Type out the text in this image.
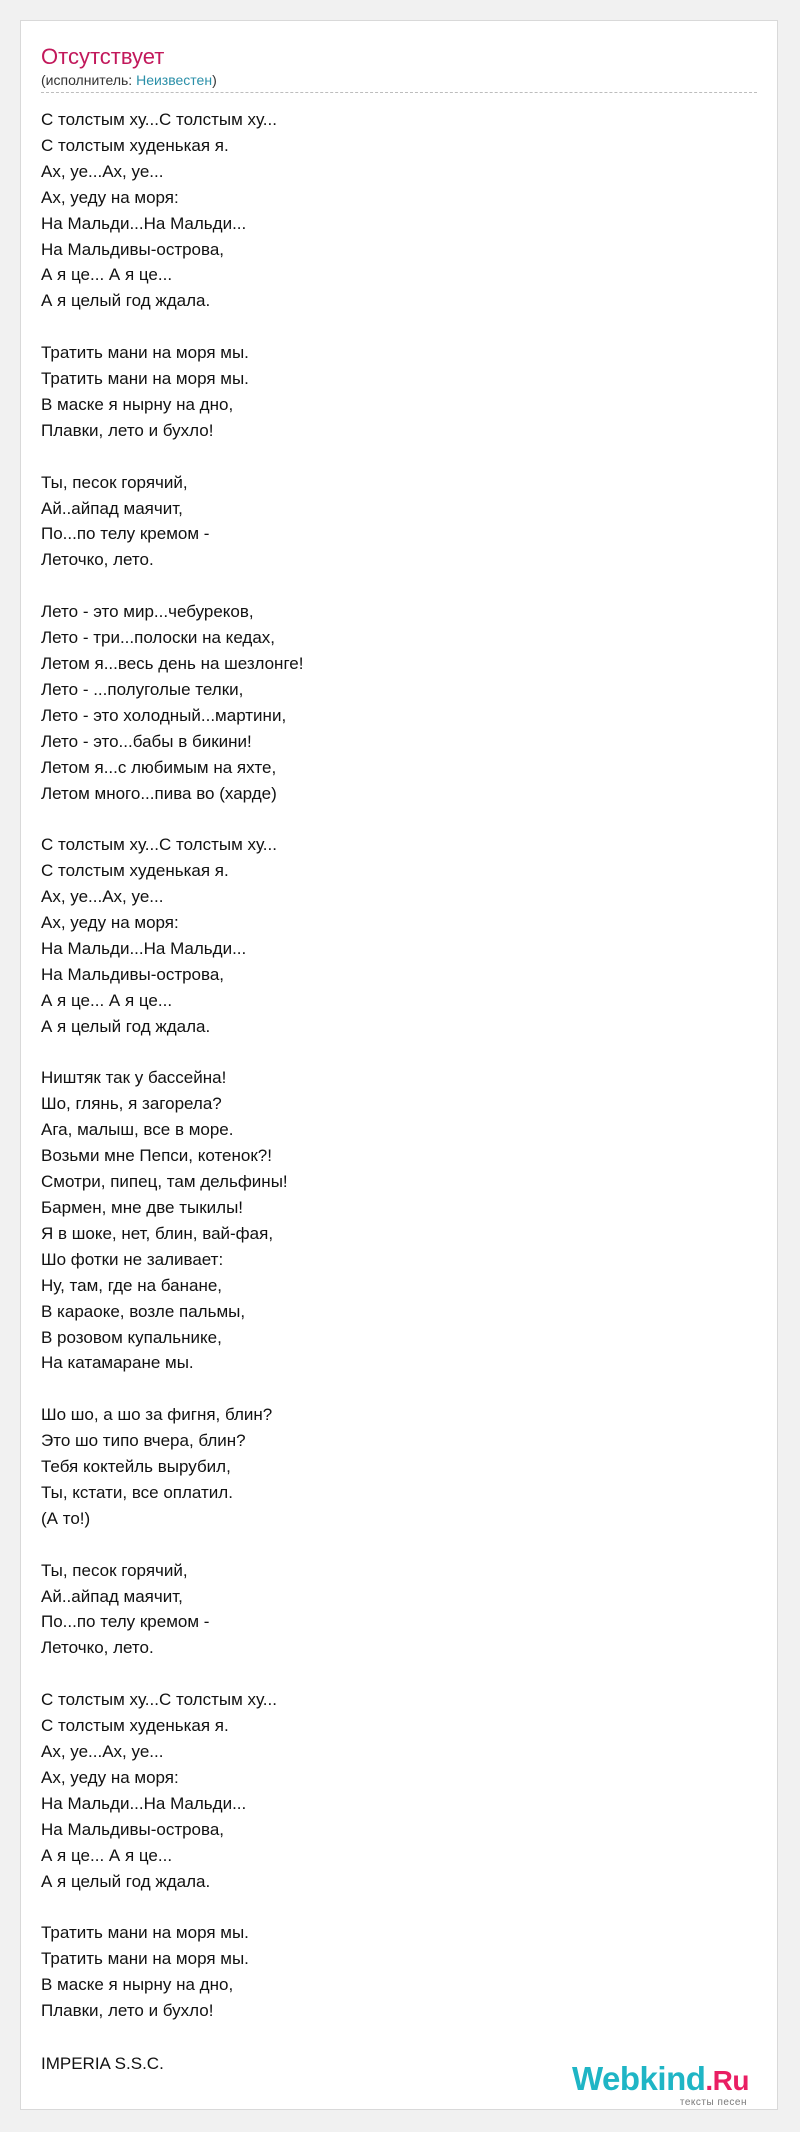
Отсутствует
(исполнитель: Неизвестен)
С толстым ху...С толстым ху...
С толстым худенькая я.
Ах, уе...Ах, уе...
Ах, уеду на моря:
На Мальди...На Мальди...
На Мальдивы-острова,
А я це... А я це...
А я целый год ждала.
Тратить мани на моря мы.
Тратить мани на моря мы.
В маске я нырну на дно,
Плавки, лето и бухло!
Ты, песок горячий,
Ай..айпад маячит,
По...по телу кремом -
Леточко, лето.
Лето - это мир...чебуреков,
Лето - три...полоски на кедах,
Летом я...весь день на шезлонге!
Лето - ...полуголые телки,
Лето - это холодный...мартини,
Лето - это...бабы в бикини!
Летом я...с любимым на яхте,
Летом много...пива во (харде)
С толстым ху...С толстым ху...
С толстым худенькая я.
Ах, уе...Ах, уе...
Ах, уеду на моря:
На Мальди...На Мальди...
На Мальдивы-острова,
А я це... А я це...
А я целый год ждала.
Ништяк так у бассейна!
Шо, глянь, я загорела?
Ага, малыш, все в море.
Возьми мне Пепси, котенок?!
Смотри, пипец, там дельфины!
Бармен, мне две тыкилы!
Я в шоке, нет, блин, вай-фая,
Шо фотки не заливает:
Ну, там, где на банане,
В караоке, возле пальмы,
В розовом купальнике,
На катамаране мы.
Шо шо, а шо за фигня, блин?
Это шо типо вчера, блин?
Тебя коктейль вырубил,
Ты, кстати, все оплатил.
(А то!)
Ты, песок горячий,
Ай..айпад маячит,
По...по телу кремом -
Леточко, лето.
С толстым ху...С толстым ху...
С толстым худенькая я.
Ах, уе...Ах, уе...
Ах, уеду на моря:
На Мальди...На Мальди...
На Мальдивы-острова,
А я це... А я це...
А я целый год ждала.
Тратить мани на моря мы.
Тратить мани на моря мы.
В маске я нырну на дно,
Плавки, лето и бухло!
IMPERIA S.S.C.	Webkind.Ru
тексты песен
